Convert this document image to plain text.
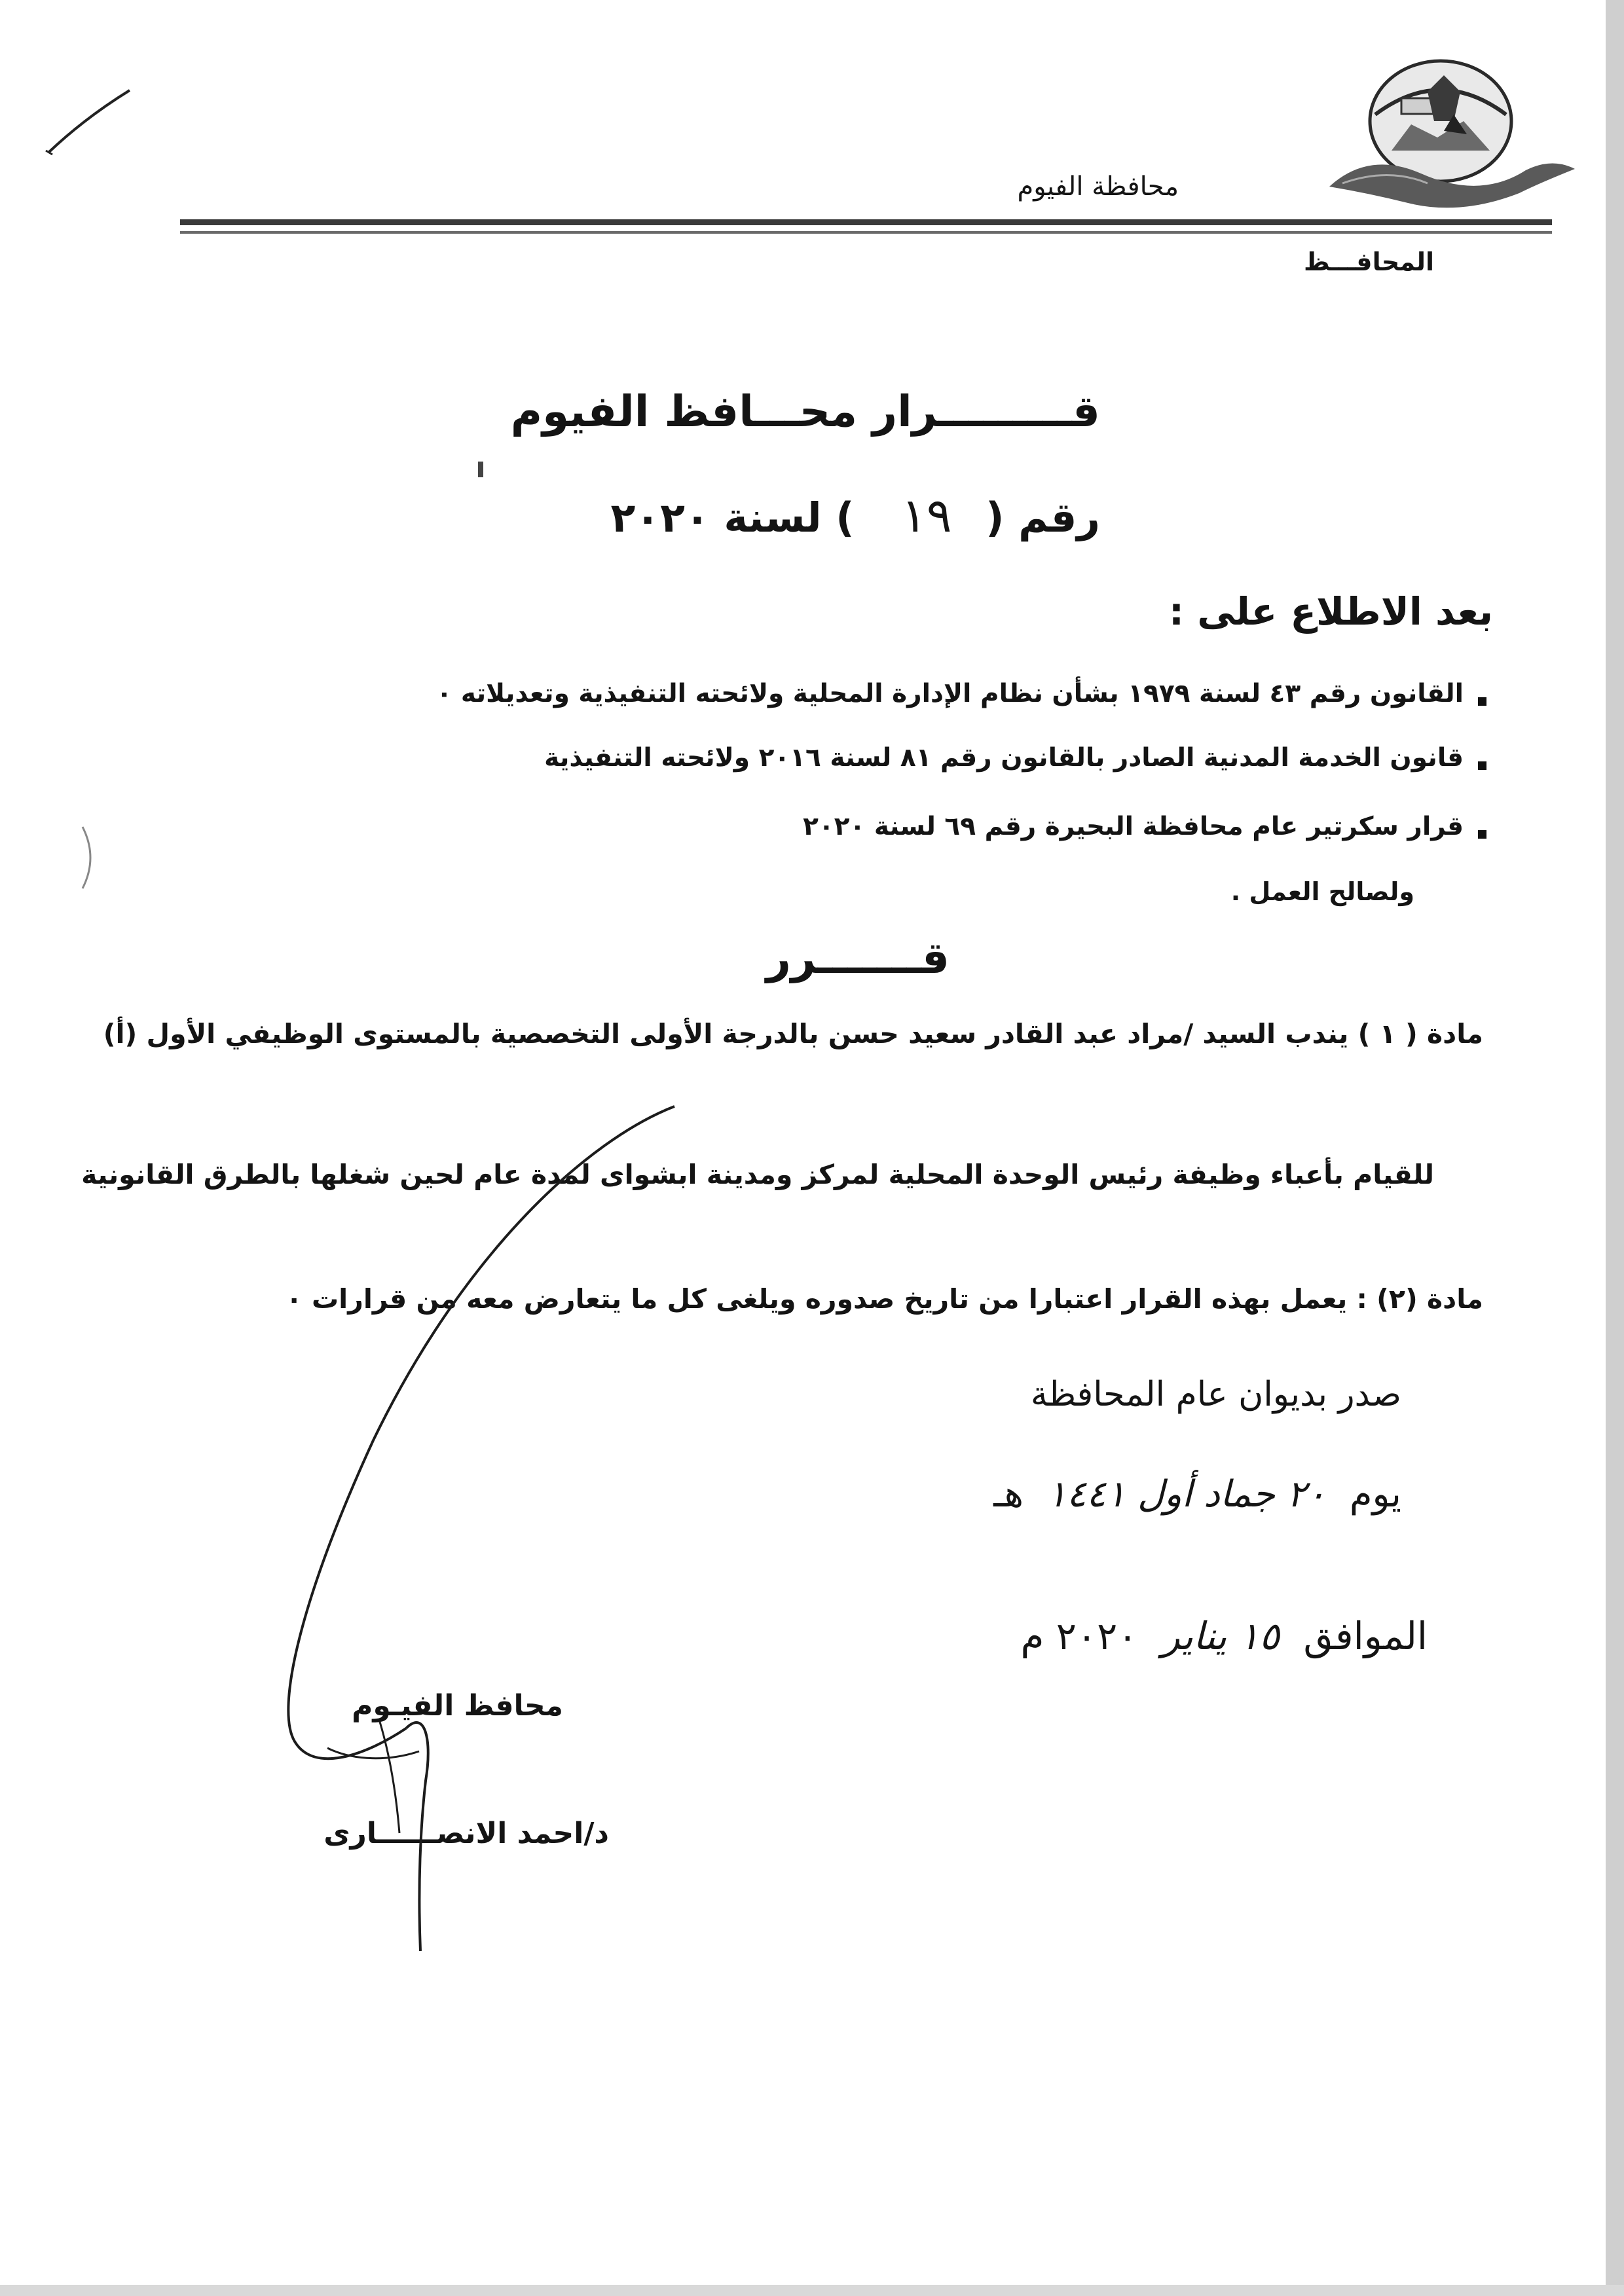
محافظة الفيوم
المحافـــظ
قـــــــــرار محـــافظ الفيوم
رقم ( ١٩ ) لسنة ٢٠٢٠
بعد الاطلاع على :
القانون رقم ٤٣ لسنة ١٩٧٩ بشأن نظام الإدارة المحلية ولائحته التنفيذية وتعديلاته ٠
قانون الخدمة المدنية الصادر بالقانون رقم ٨١ لسنة ٢٠١٦ ولائحته التنفيذية
قرار سكرتير عام محافظة البحيرة رقم ٦٩ لسنة ٢٠٢٠
ولصالح العمل .
قـــــــرر
مادة ( ١ ) يندب السيد /مراد عبد القادر سعيد حسن بالدرجة الأولى التخصصية بالمستوى الوظيفي الأول (أ)
للقيام بأعباء وظيفة رئيس الوحدة المحلية لمركز ومدينة ابشواى لمدة عام لحين شغلها بالطرق القانونية
مادة (٢) : يعمل بهذه القرار اعتبارا من تاريخ صدوره ويلغى كل ما يتعارض معه من قرارات ٠
صدر بديوان عام المحافظة
يوم ٢٠ جماد أول ١٤٤١ هـ
الموافق ١٥ يناير ٢٠٢٠ م
محافظ الفيـوم
د/احمد الانصــــــارى
